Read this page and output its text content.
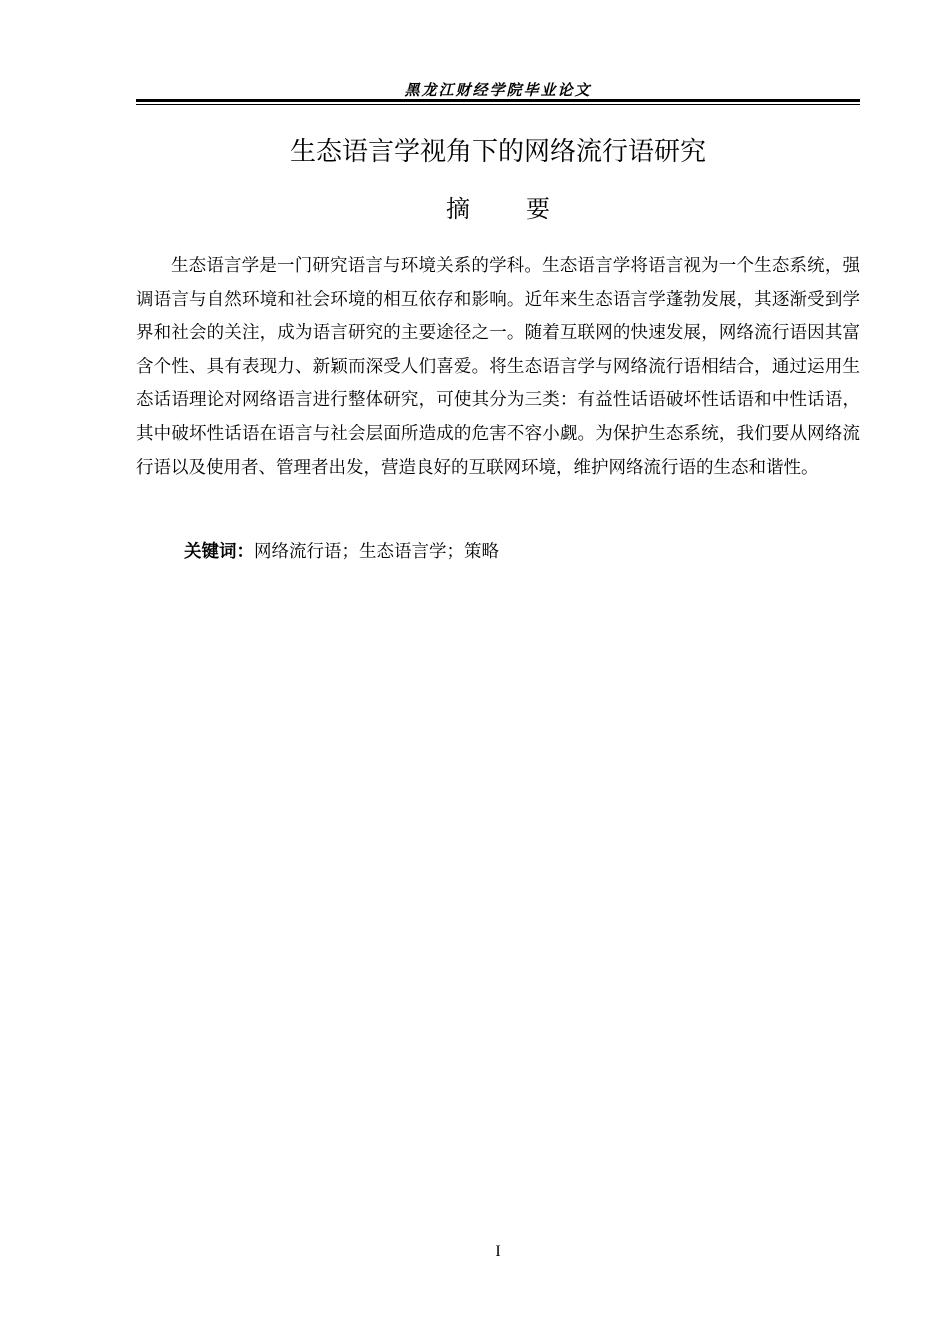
黑龙江财经学院毕业论文
生态语言学视角下的网络流行语研究
摘要
生态语言学是一门研究语言与环境关系的学科。生态语言学将语言视为一个生态系统，强调语言与自然环境和社会环境的相互依存和影响。近年来生态语言学蓬勃发展，其逐渐受到学界和社会的关注，成为语言研究的主要途径之一。随着互联网的快速发展，网络流行语因其富含个性、具有表现力、新颖而深受人们喜爱。将生态语言学与网络流行语相结合，通过运用生态话语理论对网络语言进行整体研究，可使其分为三类：有益性话语破坏性话语和中性话语，其中破坏性话语在语言与社会层面所造成的危害不容小觑。为保护生态系统，我们要从网络流行语以及使用者、管理者出发，营造良好的互联网环境，维护网络流行语的生态和谐性。
关键词：网络流行语；生态语言学；策略
I
